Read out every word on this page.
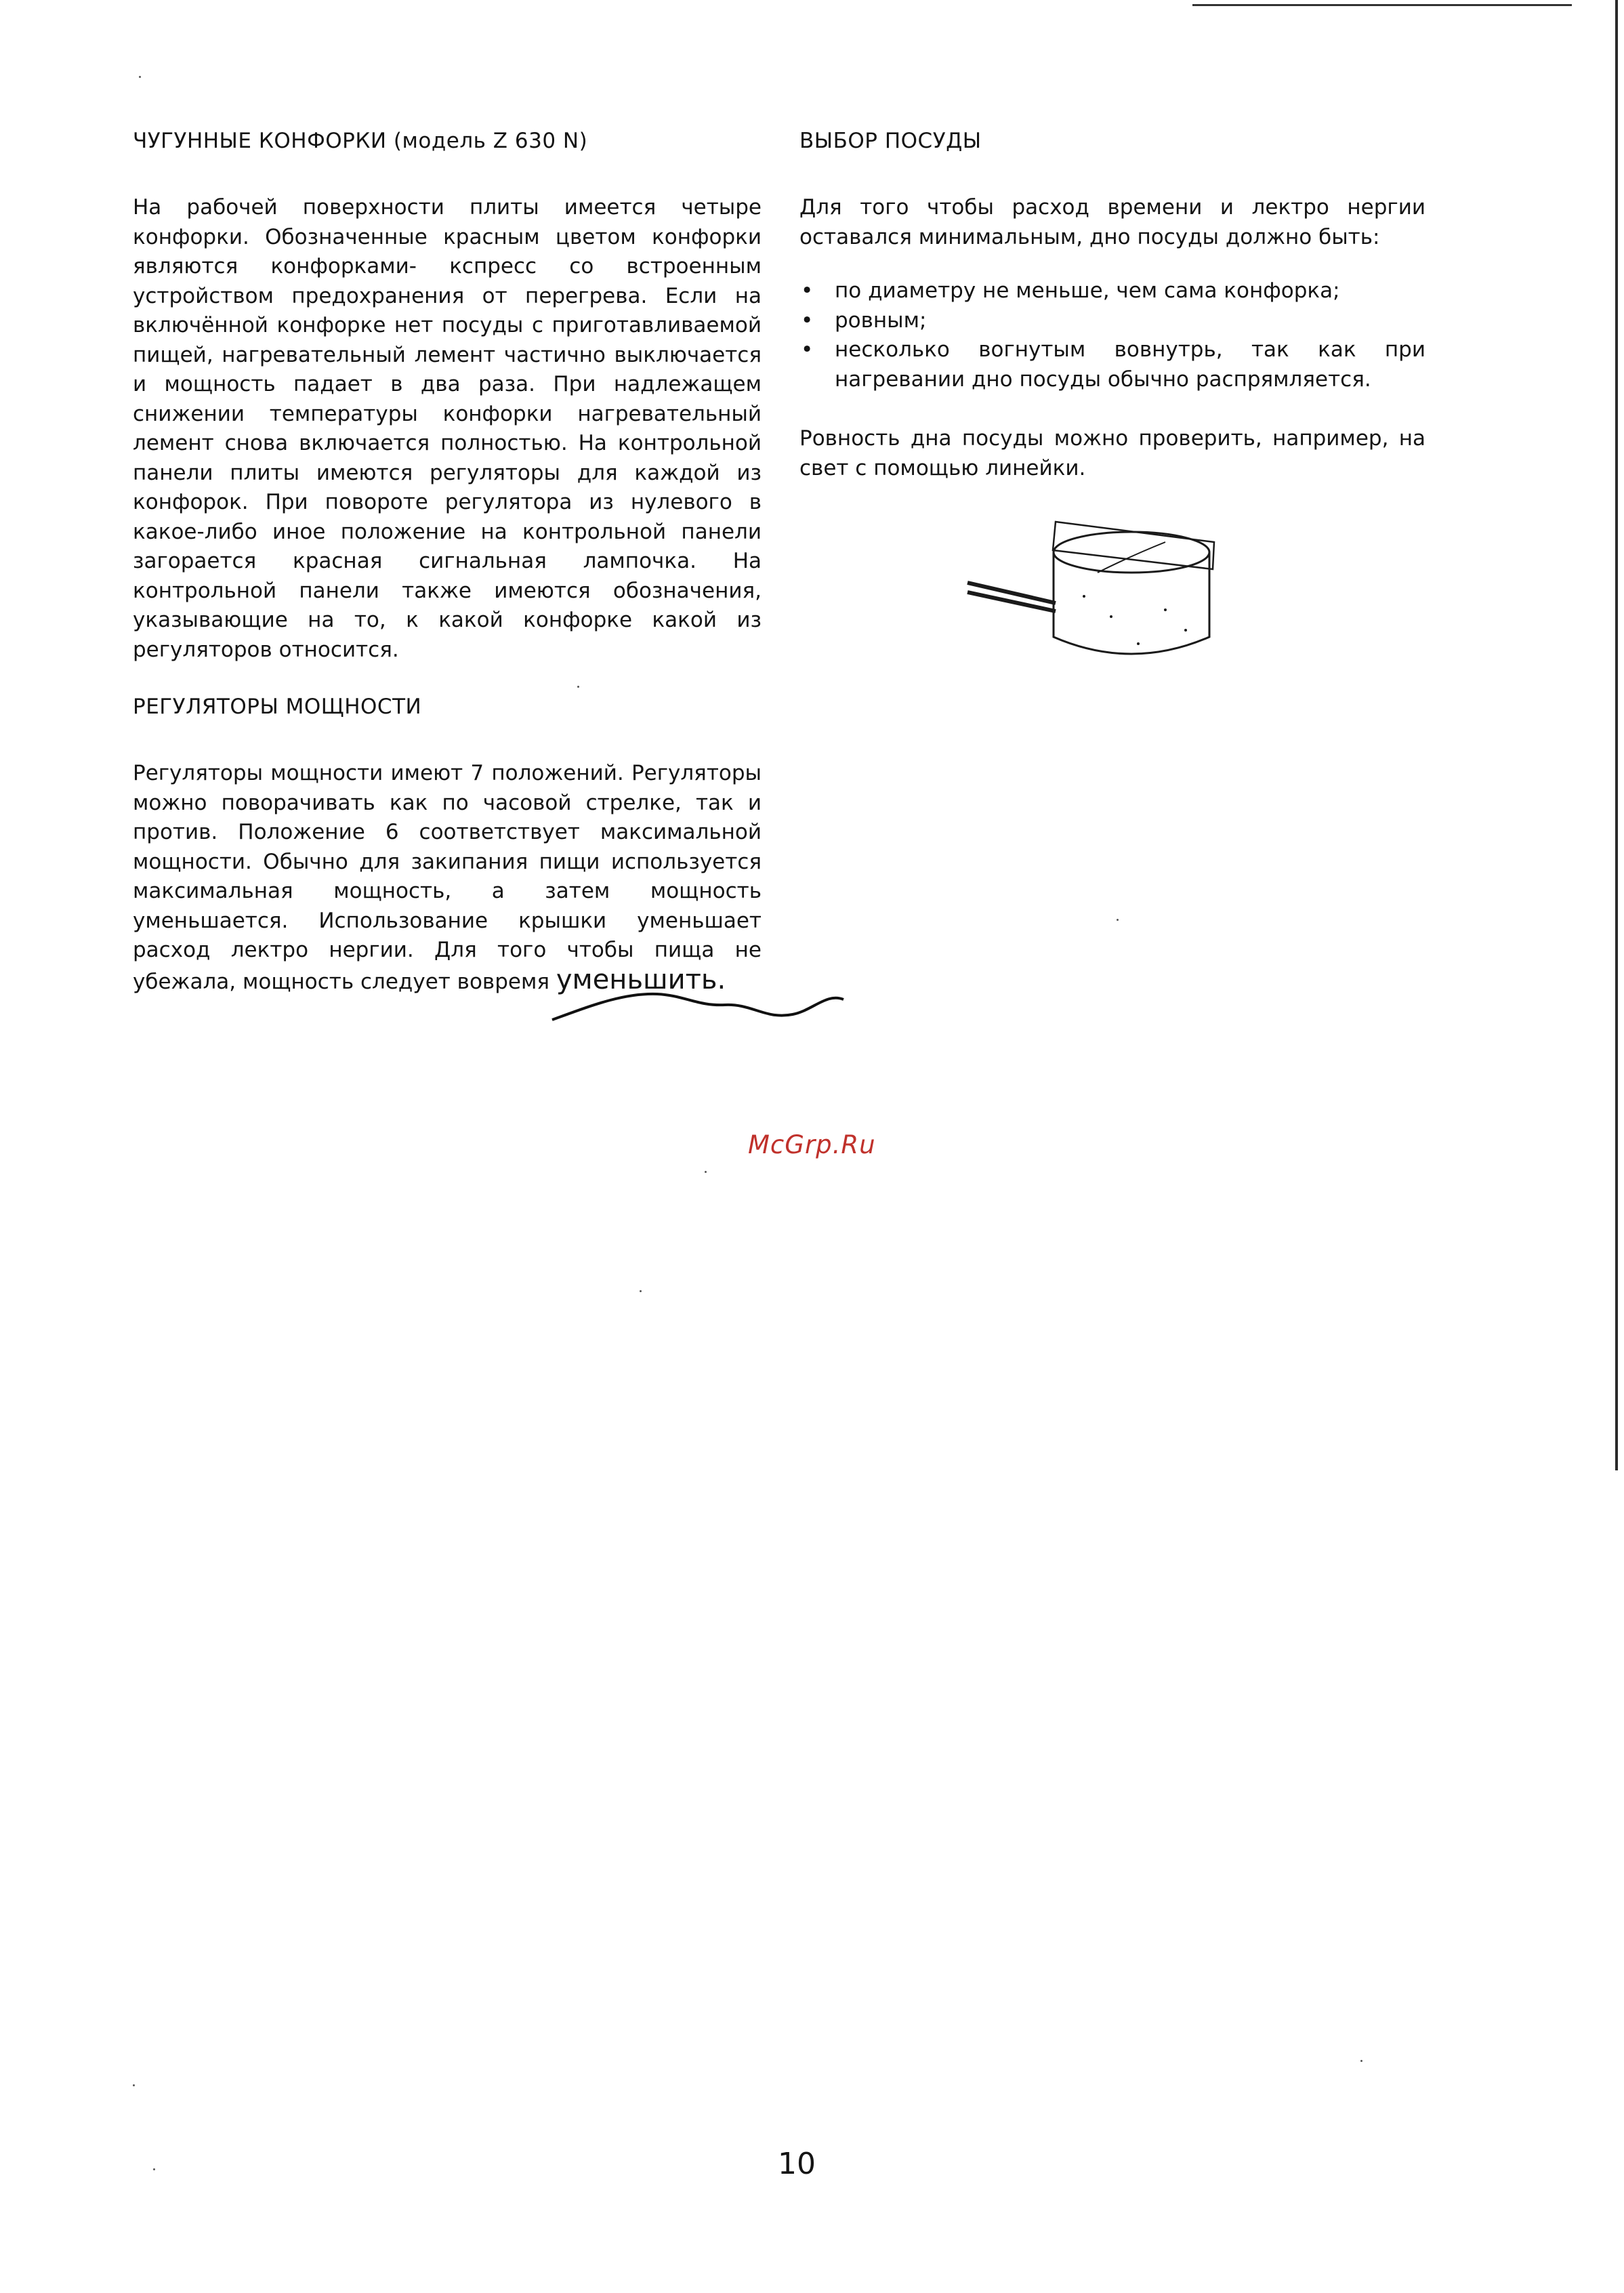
ЧУГУННЫЕ КОНФОРКИ (модель Z 630 N)

На рабочей поверхности плиты имеется четыре конфорки. Обозначенные красным цветом конфорки являются конфорками- кспресс со встроенным устройством предохранения от перегрева. Если на включённой конфорке нет посуды с приготавливаемой пищей, нагревательный лемент частично выключается и мощность падает в два раза. При надлежащем снижении температуры конфорки нагревательный лемент снова включается полностью. На контрольной панели плиты имеются регуляторы для каждой из конфорок. При повороте регулятора из нулевого в какое-либо иное положение на контрольной панели загорается красная сигнальная лампочка. На контрольной панели также имеются обозначения, указывающие на то, к какой конфорке какой из регуляторов относится.

РЕГУЛЯТОРЫ МОЩНОСТИ

Регуляторы мощности имеют 7 положений. Регуляторы можно поворачивать как по часовой стрелке, так и против. Положение 6 соответствует максимальной мощности. Обычно для закипания пищи используется максимальная мощность, а затем мощность уменьшается. Использование крышки уменьшает расход лектро нергии. Для того чтобы пища не убежала, мощность следует вовремя уменьшить.

ВЫБОР ПОСУДЫ

Для того чтобы расход времени и лектро нергии оставался минимальным, дно посуды должно быть:

• по диаметру не меньше, чем сама конфорка;
• ровным;
• несколько вогнутым вовнутрь, так как при нагревании дно посуды обычно распрямляется.

Ровность дна посуды можно проверить, например, на свет с помощью линейки.

McGrp.Ru
10
